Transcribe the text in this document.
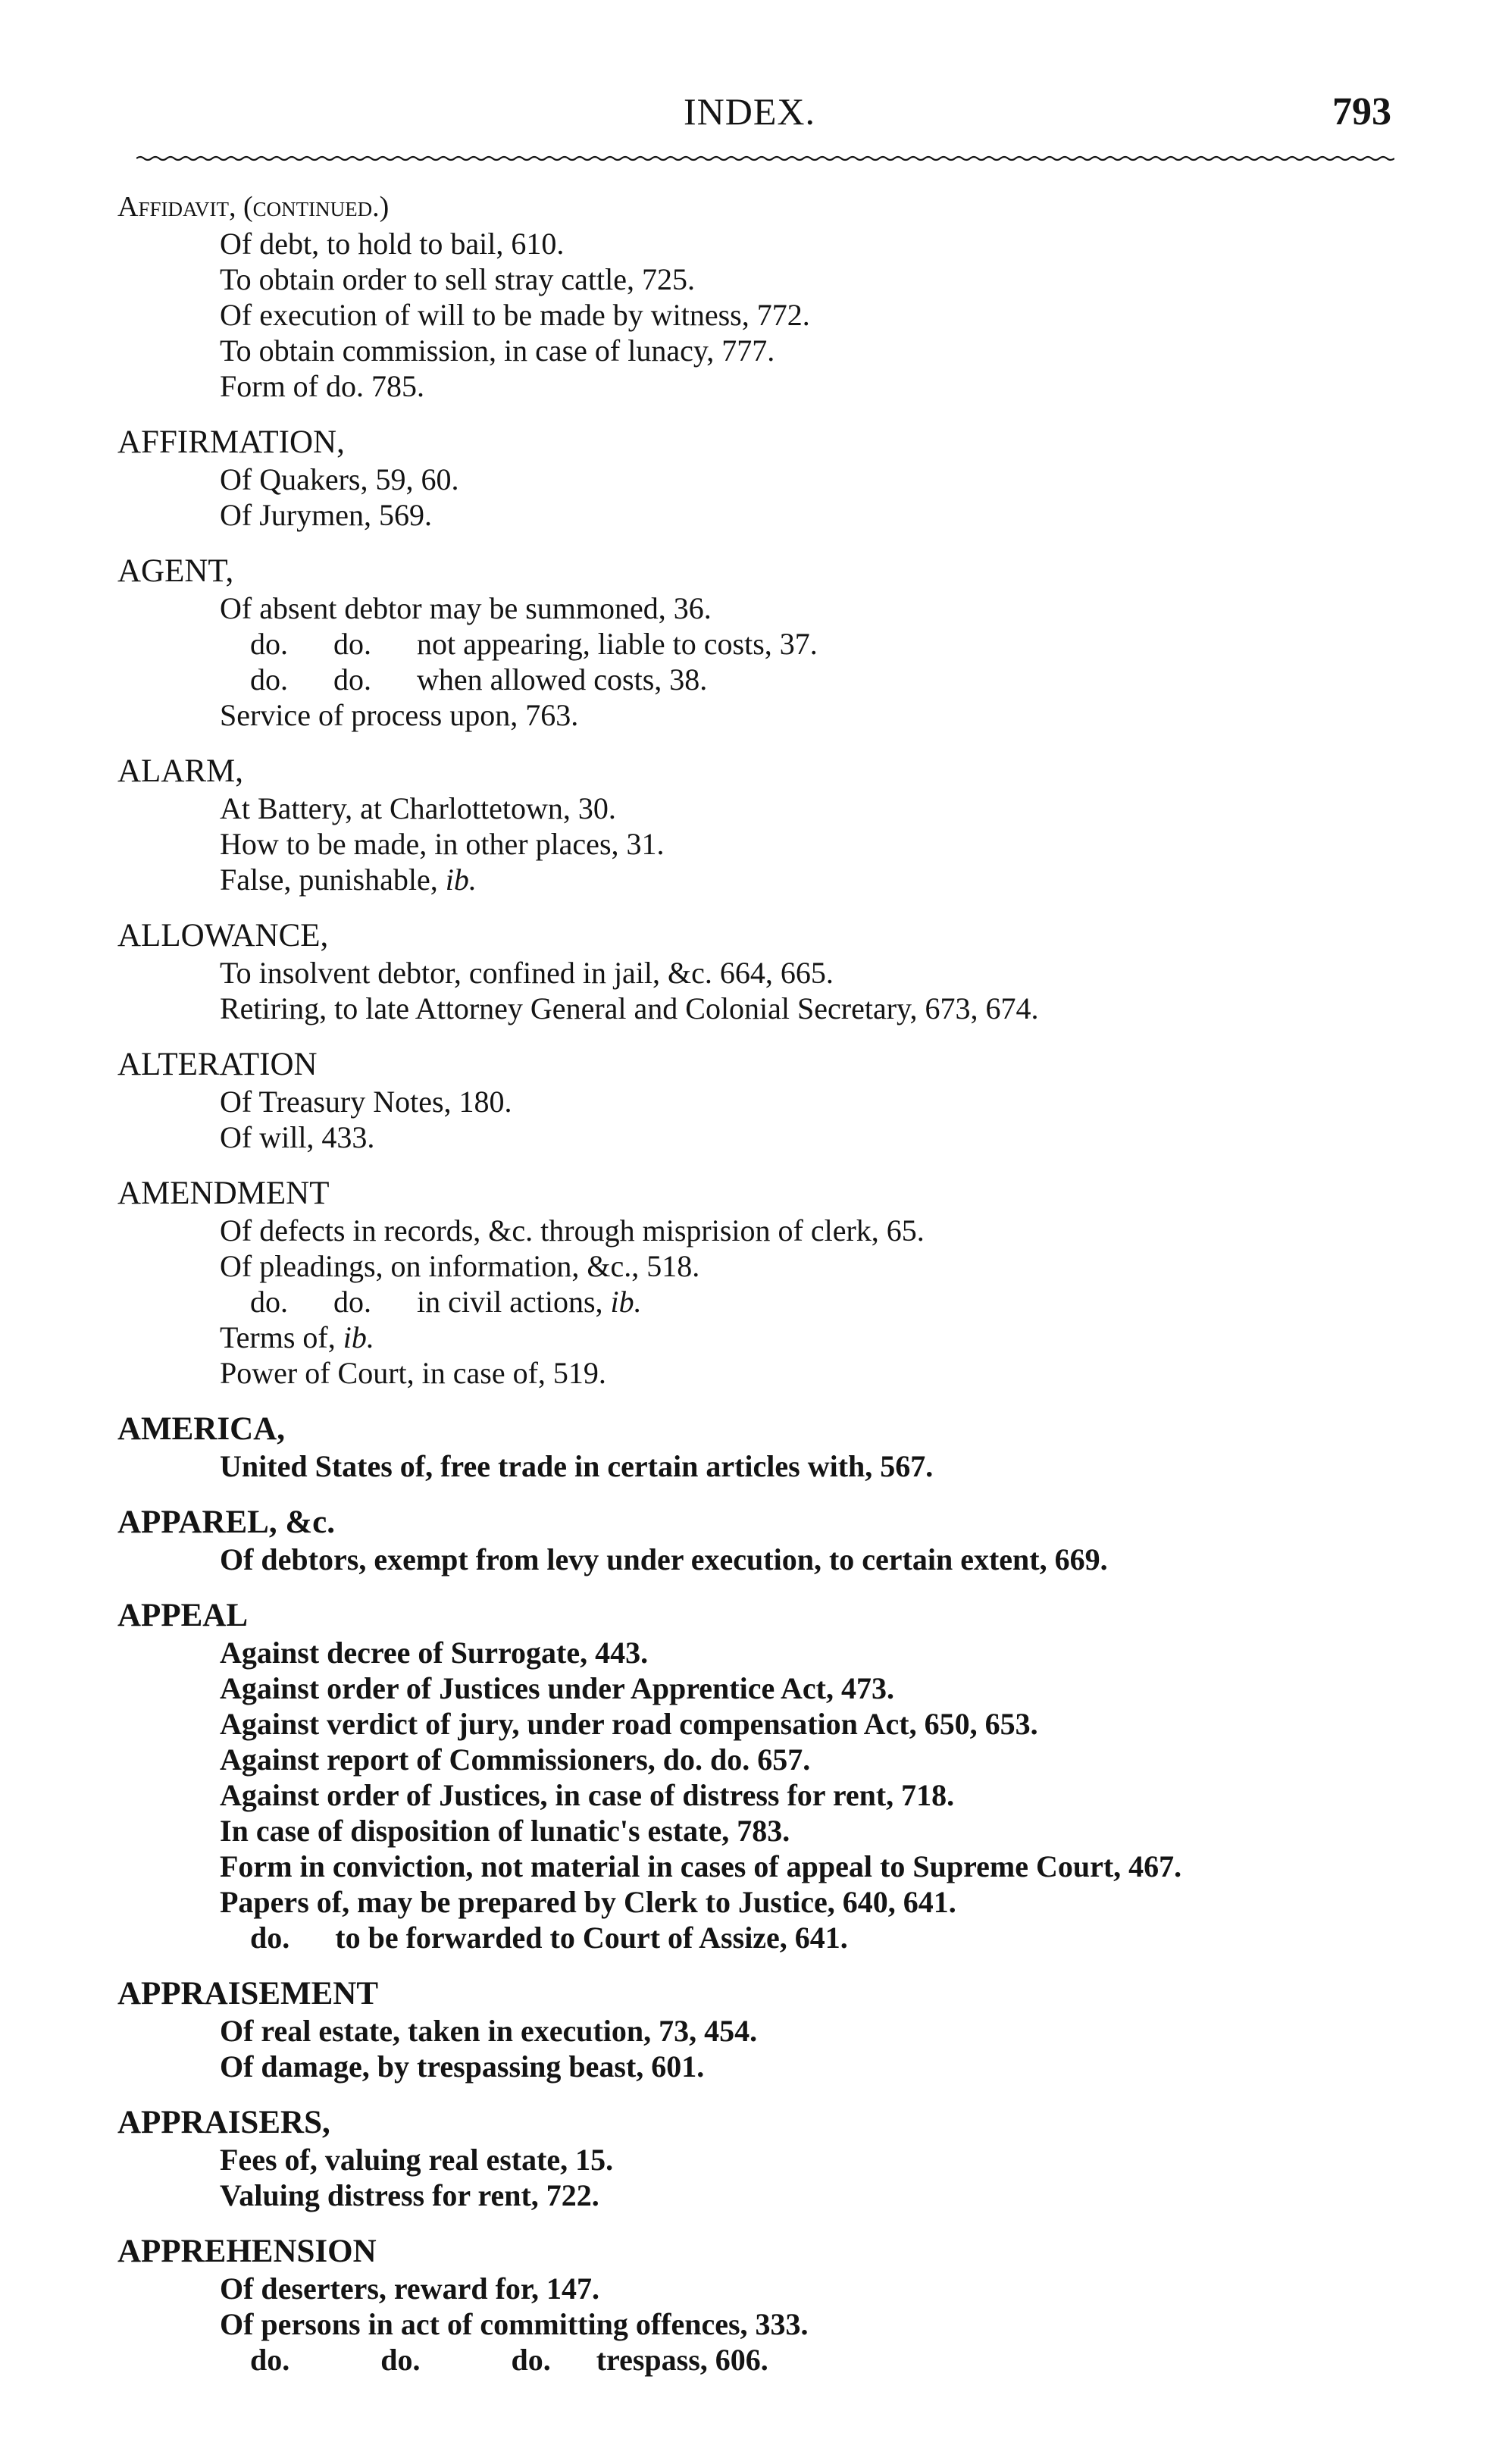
INDEX.	793
Affidavit, (continued.)
Of debt, to hold to bail, 610.
To obtain order to sell stray cattle, 725.
Of execution of will to be made by witness, 772.
To obtain commission, in case of lunacy, 777.
Form of do. 785.
AFFIRMATION,
Of Quakers, 59, 60.
Of Jurymen, 569.
AGENT,
Of absent debtor may be summoned, 36.
do.      do.      not appearing, liable to costs, 37.
do.      do.      when allowed costs, 38.
Service of process upon, 763.
ALARM,
At Battery, at Charlottetown, 30.
How to be made, in other places, 31.
False, punishable, ib.
ALLOWANCE,
To insolvent debtor, confined in jail, &c. 664, 665.
Retiring, to late Attorney General and Colonial Secretary, 673, 674.
ALTERATION
Of Treasury Notes, 180.
Of will, 433.
AMENDMENT
Of defects in records, &c. through misprision of clerk, 65.
Of pleadings, on information, &c., 518.
do.      do.      in civil actions, ib.
Terms of, ib.
Power of Court, in case of, 519.
AMERICA,
United States of, free trade in certain articles with, 567.
APPAREL, &c.
Of debtors, exempt from levy under execution, to certain extent, 669.
APPEAL
Against decree of Surrogate, 443.
Against order of Justices under Apprentice Act, 473.
Against verdict of jury, under road compensation Act, 650, 653.
Against report of Commissioners, do. do. 657.
Against order of Justices, in case of distress for rent, 718.
In case of disposition of lunatic's estate, 783.
Form in conviction, not material in cases of appeal to Supreme Court, 467.
Papers of, may be prepared by Clerk to Justice, 640, 641.
do.      to be forwarded to Court of Assize, 641.
APPRAISEMENT
Of real estate, taken in execution, 73, 454.
Of damage, by trespassing beast, 601.
APPRAISERS,
Fees of, valuing real estate, 15.
Valuing distress for rent, 722.
APPREHENSION
Of deserters, reward for, 147.
Of persons in act of committing offences, 333.
do.            do.            do.      trespass, 606.
